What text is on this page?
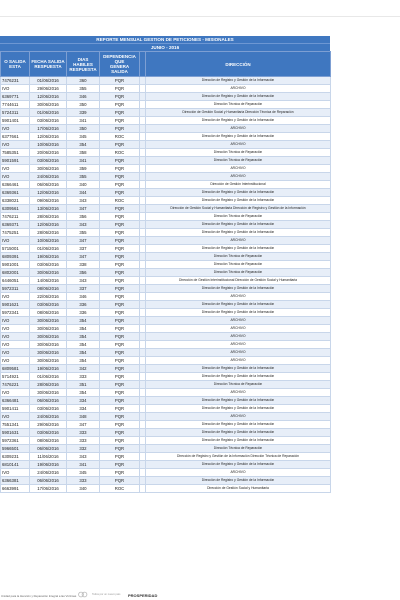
REPORTE MENSUAL GESTION DE PETICIONES - MISIONALES
JUNIO - 2016
O SALIDA
ESTA	FECHA SALIDA
RESPUESTA	DIAS HABILES
RESPUESTA	DEPENDENCIA QUE
GENERA SALIDA		DIRECCIÓN
7476231	01/06/2016	360	PQR		Dirección de Registro y Gestión de la Información
IVO	29/06/2016	355	PQR		ARCHIVO
6369771	12/06/2016	346	PQR		Dirección de Registro y Gestión de la Información
7744611	30/06/2016	350	PQR		Dirección Técnica de Reparación
5724311	01/06/2016	339	PQR		Dirección de Gestión Social y Humanitaria Dirección Técnica de Reparación
5901401	03/06/2016	341	PQR		Dirección de Registro y Gestión de la Información
IVO	17/06/2016	350	PQR		ARCHIVO
6377661	12/06/2016	345	ROC		Dirección de Registro y Gestión de la Información
IVO	10/06/2016	354	PQR		ARCHIVO
7585351	20/06/2016	358	ROC		Dirección Técnica de Reparación
5901591	03/06/2016	341	PQR		Dirección Técnica de Reparación
IVO	30/06/2016	359	PQR		ARCHIVO
IVO	24/06/2016	355	PQR		ARCHIVO
6366461	06/06/2016	340	PQR		Dirección de Gestión Interinstitucional
6369361	12/06/2016	344	PQR		Dirección de Registro y Gestión de la Información
6338021	09/06/2016	343	ROC		Dirección de Registro y Gestión de la Información
6309561	13/06/2016	347	PQR		Dirección de Gestión Social y Humanitaria Dirección de Registro y Gestión de la Información
7476211	28/06/2016	356	PQR		Dirección Técnica de Reparación
6369371	12/06/2016	343	PQR		Dirección de Registro y Gestión de la Información
7475251	28/06/2016	355	PQR		Dirección de Registro y Gestión de la Información
IVO	10/06/2016	347	PQR		ARCHIVO
5715001	01/06/2016	337	PQR		Dirección de Registro y Gestión de la Información
6809391	19/06/2016	347	PQR		Dirección Técnica de Reparación
5901001	03/06/2016	338	PQR		Dirección Técnica de Reparación
6802001	30/06/2016	356	PQR		Dirección Técnica de Reparación
6446051	14/06/2016	343	PQR		Dirección de Gestión Interinstitucional Dirección de Gestión Social y Humanitaria
5972311	08/06/2016	337	PQR		Dirección de Registro y Gestión de la Información
IVO	22/06/2016	346	PQR		ARCHIVO
5901621	03/06/2016	336	PQR		Dirección de Registro y Gestión de la Información
5972341	08/06/2016	336	PQR		Dirección de Registro y Gestión de la Información
IVO	30/06/2016	354	PQR		ARCHIVO
IVO	30/06/2016	354	PQR		ARCHIVO
IVO	30/06/2016	354	PQR		ARCHIVO
IVO	30/06/2016	354	PQR		ARCHIVO
IVO	30/06/2016	354	PQR		ARCHIVO
IVO	30/06/2016	354	PQR		ARCHIVO
6809581	19/06/2016	342	PQR		Dirección de Registro y Gestión de la Información
5714921	01/06/2016	333	PQR		Dirección de Registro y Gestión de la Información
7476221	28/06/2016	351	PQR		Dirección Técnica de Reparación
IVO	30/06/2016	354	PQR		ARCHIVO
6366481	06/06/2016	334	PQR		Dirección de Registro y Gestión de la Información
5901411	03/06/2016	334	PQR		Dirección de Registro y Gestión de la Información
IVO	24/06/2016	348	PQR		ARCHIVO
7551341	29/06/2016	347	PQR		Dirección de Registro y Gestión de la Información
5901631	03/06/2016	333	PQR		Dirección de Registro y Gestión de la Información
5972361	08/06/2016	333	PQR		Dirección de Registro y Gestión de la Información
5966501	06/06/2016	332	PQR		Dirección Técnica de Reparación
6309231	11/06/2016	343	PQR		Dirección de Registro y Gestión de la Información Dirección Técnica de Reparación
6810141	19/06/2016	341	PQR		Dirección de Registro y Gestión de la Información
IVO	24/06/2016	345	PQR		ARCHIVO
6366381	06/06/2016	333	PQR		Dirección de Registro y Gestión de la Información
6663991	17/06/2016	340	ROC		Dirección de Gestión Social y Humanitaria
Unidad para la Atención y Reparación Integral a las Víctimas	Todos por un nuevo país PROSPERIDAD
